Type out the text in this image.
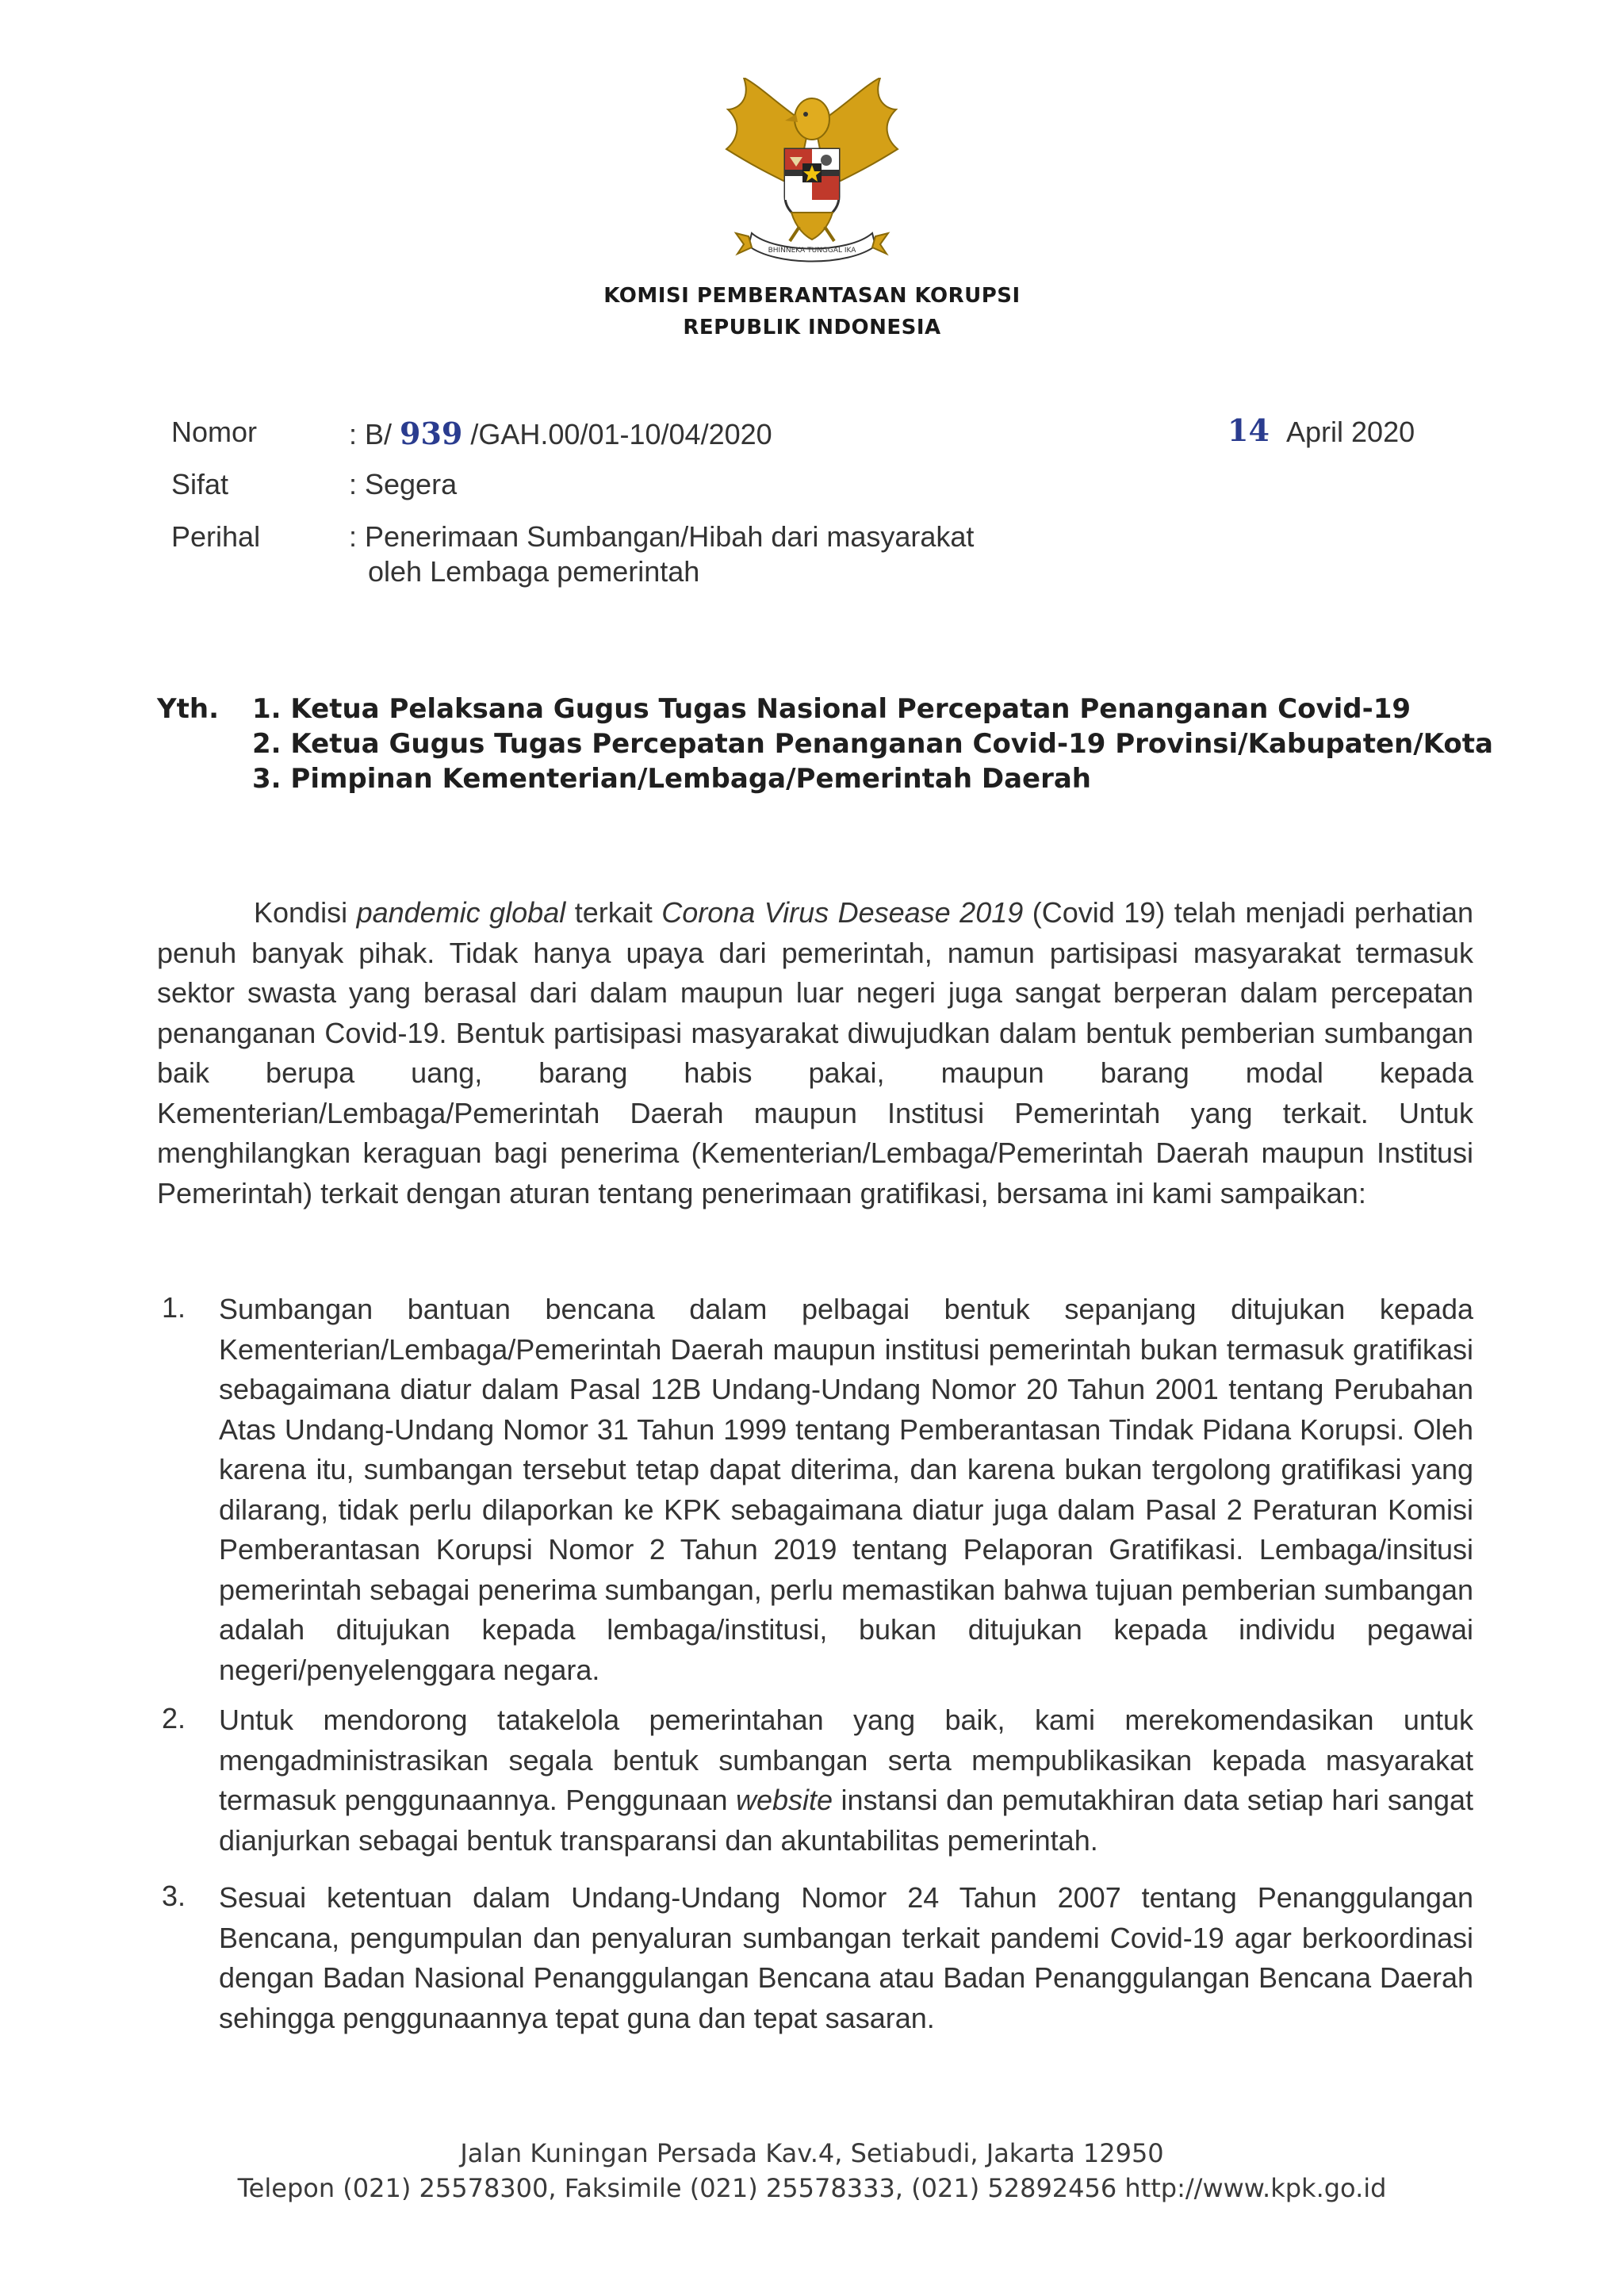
BHINNEKA TUNGGAL IKA
KOMISI PEMBERANTASAN KORUPSI
REPUBLIK INDONESIA
Nomor	: B/ 939 /GAH.00/01-10/04/2020	14 April 2020
Sifat	: Segera
Perihal	: Penerimaan Sumbangan/Hibah dari masyarakat
oleh Lembaga pemerintah
Yth. 1. Ketua Pelaksana Gugus Tugas Nasional Percepatan Penanganan Covid-19
2. Ketua Gugus Tugas Percepatan Penanganan Covid-19 Provinsi/Kabupaten/Kota
3. Pimpinan Kementerian/Lembaga/Pemerintah Daerah
Kondisi pandemic global terkait Corona Virus Desease 2019 (Covid 19) telah menjadi perhatian penuh banyak pihak. Tidak hanya upaya dari pemerintah, namun partisipasi masyarakat termasuk sektor swasta yang berasal dari dalam maupun luar negeri juga sangat berperan dalam percepatan penanganan Covid-19. Bentuk partisipasi masyarakat diwujudkan dalam bentuk pemberian sumbangan baik berupa uang, barang habis pakai, maupun barang modal kepada Kementerian/Lembaga/Pemerintah Daerah maupun Institusi Pemerintah yang terkait. Untuk menghilangkan keraguan bagi penerima (Kementerian/Lembaga/Pemerintah Daerah maupun Institusi Pemerintah) terkait dengan aturan tentang penerimaan gratifikasi, bersama ini kami sampaikan:
1. Sumbangan bantuan bencana dalam pelbagai bentuk sepanjang ditujukan kepada Kementerian/Lembaga/Pemerintah Daerah maupun institusi pemerintah bukan termasuk gratifikasi sebagaimana diatur dalam Pasal 12B Undang-Undang Nomor 20 Tahun 2001 tentang Perubahan Atas Undang-Undang Nomor 31 Tahun 1999 tentang Pemberantasan Tindak Pidana Korupsi. Oleh karena itu, sumbangan tersebut tetap dapat diterima, dan karena bukan tergolong gratifikasi yang dilarang, tidak perlu dilaporkan ke KPK sebagaimana diatur juga dalam Pasal 2 Peraturan Komisi Pemberantasan Korupsi Nomor 2 Tahun 2019 tentang Pelaporan Gratifikasi. Lembaga/insitusi pemerintah sebagai penerima sumbangan, perlu memastikan bahwa tujuan pemberian sumbangan adalah ditujukan kepada lembaga/institusi, bukan ditujukan kepada individu pegawai negeri/penyelenggara negara.
2. Untuk mendorong tatakelola pemerintahan yang baik, kami merekomendasikan untuk mengadministrasikan segala bentuk sumbangan serta mempublikasikan kepada masyarakat termasuk penggunaannya. Penggunaan website instansi dan pemutakhiran data setiap hari sangat dianjurkan sebagai bentuk transparansi dan akuntabilitas pemerintah.
3. Sesuai ketentuan dalam Undang-Undang Nomor 24 Tahun 2007 tentang Penanggulangan Bencana, pengumpulan dan penyaluran sumbangan terkait pandemi Covid-19 agar berkoordinasi dengan Badan Nasional Penanggulangan Bencana atau Badan Penanggulangan Bencana Daerah sehingga penggunaannya tepat guna dan tepat sasaran.
Jalan Kuningan Persada Kav.4, Setiabudi, Jakarta 12950
Telepon (021) 25578300, Faksimile (021) 25578333, (021) 52892456 http://www.kpk.go.id
